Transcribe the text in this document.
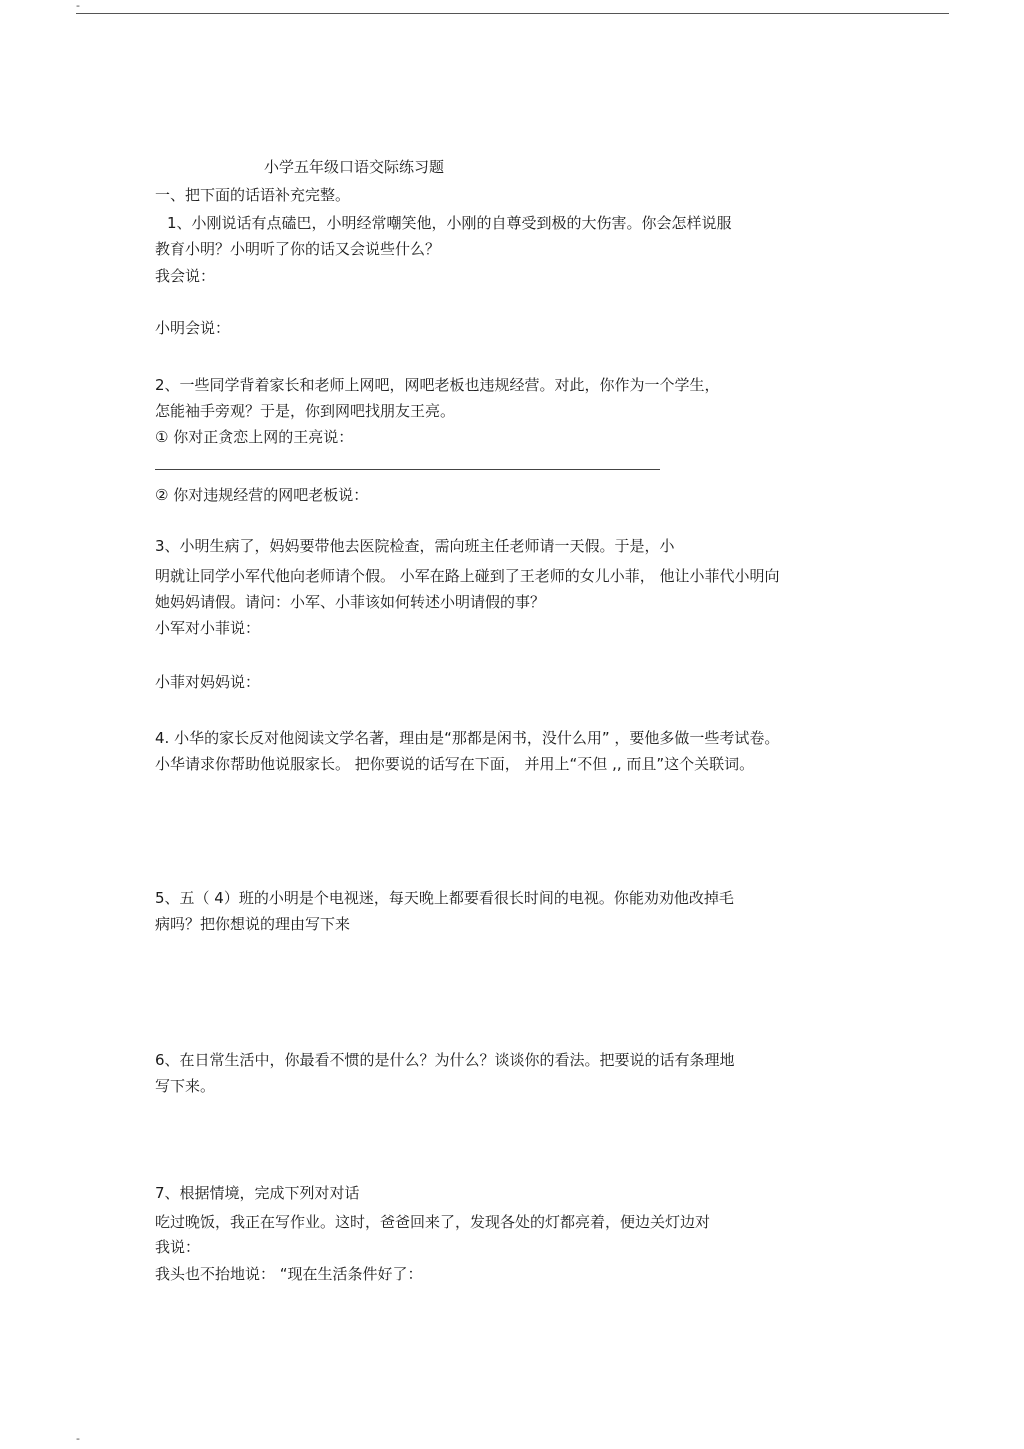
-
-
小学五年级口语交际练习题
一、把下面的话语补充完整。
1、小刚说话有点磕巴，小明经常嘲笑他，小刚的自尊受到极的大伤害。你会怎样说服
教育小明？小明听了你的话又会说些什么？
我会说：
小明会说：
2、一些同学背着家长和老师上网吧，网吧老板也违规经营。对此，你作为一个学生，
怎能袖手旁观？于是，你到网吧找朋友王亮。
① 你对正贪恋上网的王亮说：
② 你对违规经营的网吧老板说：
3、小明生病了，妈妈要带他去医院检查，需向班主任老师请一天假。于是，小
明就让同学小军代他向老师请个假。 小军在路上碰到了王老师的女儿小菲， 他让小菲代小明向
她妈妈请假。请问：小军、小菲该如何转述小明请假的事？
小军对小菲说：
小菲对妈妈说：
4. 小华的家长反对他阅读文学名著，理由是“那都是闲书，没什么用” ，要他多做一些考试卷。
小华请求你帮助他说服家长。 把你要说的话写在下面， 并用上“不但 ,, 而且”这个关联词。
5、五（ 4）班的小明是个电视迷，每天晚上都要看很长时间的电视。你能劝劝他改掉毛
病吗？把你想说的理由写下来
6、在日常生活中，你最看不惯的是什么？为什么？谈谈你的看法。把要说的话有条理地
写下来。
7、根据情境，完成下列对对话
吃过晚饭，我正在写作业。这时，爸爸回来了，发现各处的灯都亮着，便边关灯边对
我说：
我头也不抬地说： “现在生活条件好了：
